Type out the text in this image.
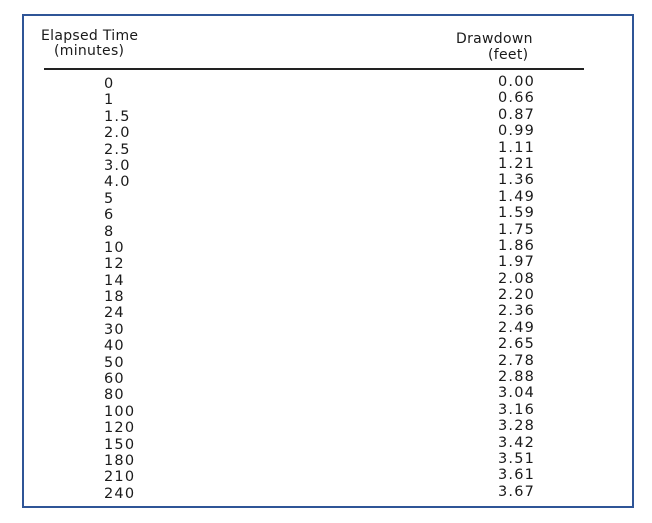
Elapsed Time
(minutes)
Drawdown
(feet)
0
1
1.5
2.0
2.5
3.0
4.0
5
6
8
10
12
14
18
24
30
40
50
60
80
100
120
150
180
210
240
0.00
0.66
0.87
0.99
1.11
1.21
1.36
1.49
1.59
1.75
1.86
1.97
2.08
2.20
2.36
2.49
2.65
2.78
2.88
3.04
3.16
3.28
3.42
3.51
3.61
3.67
